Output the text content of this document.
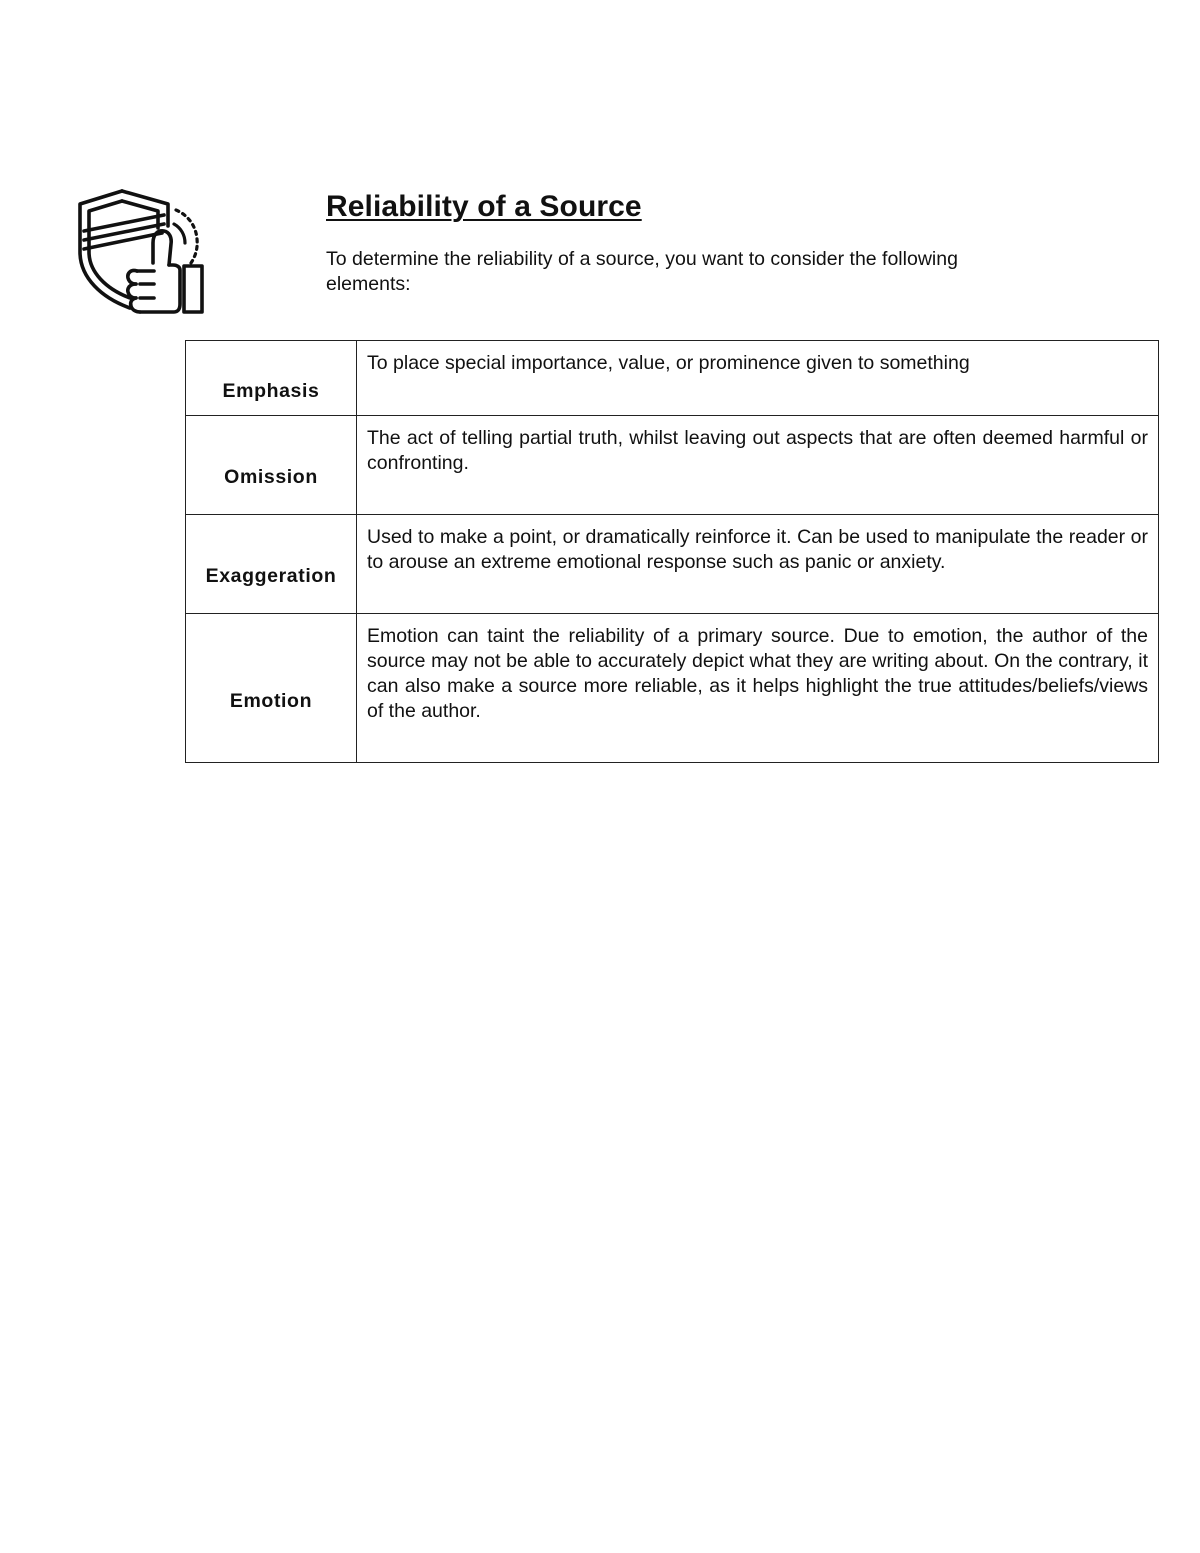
Reliability of a Source

To determine the reliability of a source, you want to consider the following elements:

Emphasis	To place special importance, value, or prominence given to something
Omission	The act of telling partial truth, whilst leaving out aspects that are often deemed harmful or confronting.
Exaggeration	Used to make a point, or dramatically reinforce it. Can be used to manipulate the reader or to arouse an extreme emotional response such as panic or anxiety.
Emotion	Emotion can taint the reliability of a primary source. Due to emotion, the author of the source may not be able to accurately depict what they are writing about. On the contrary, it can also make a source more reliable, as it helps highlight the true attitudes/beliefs/views of the author.
